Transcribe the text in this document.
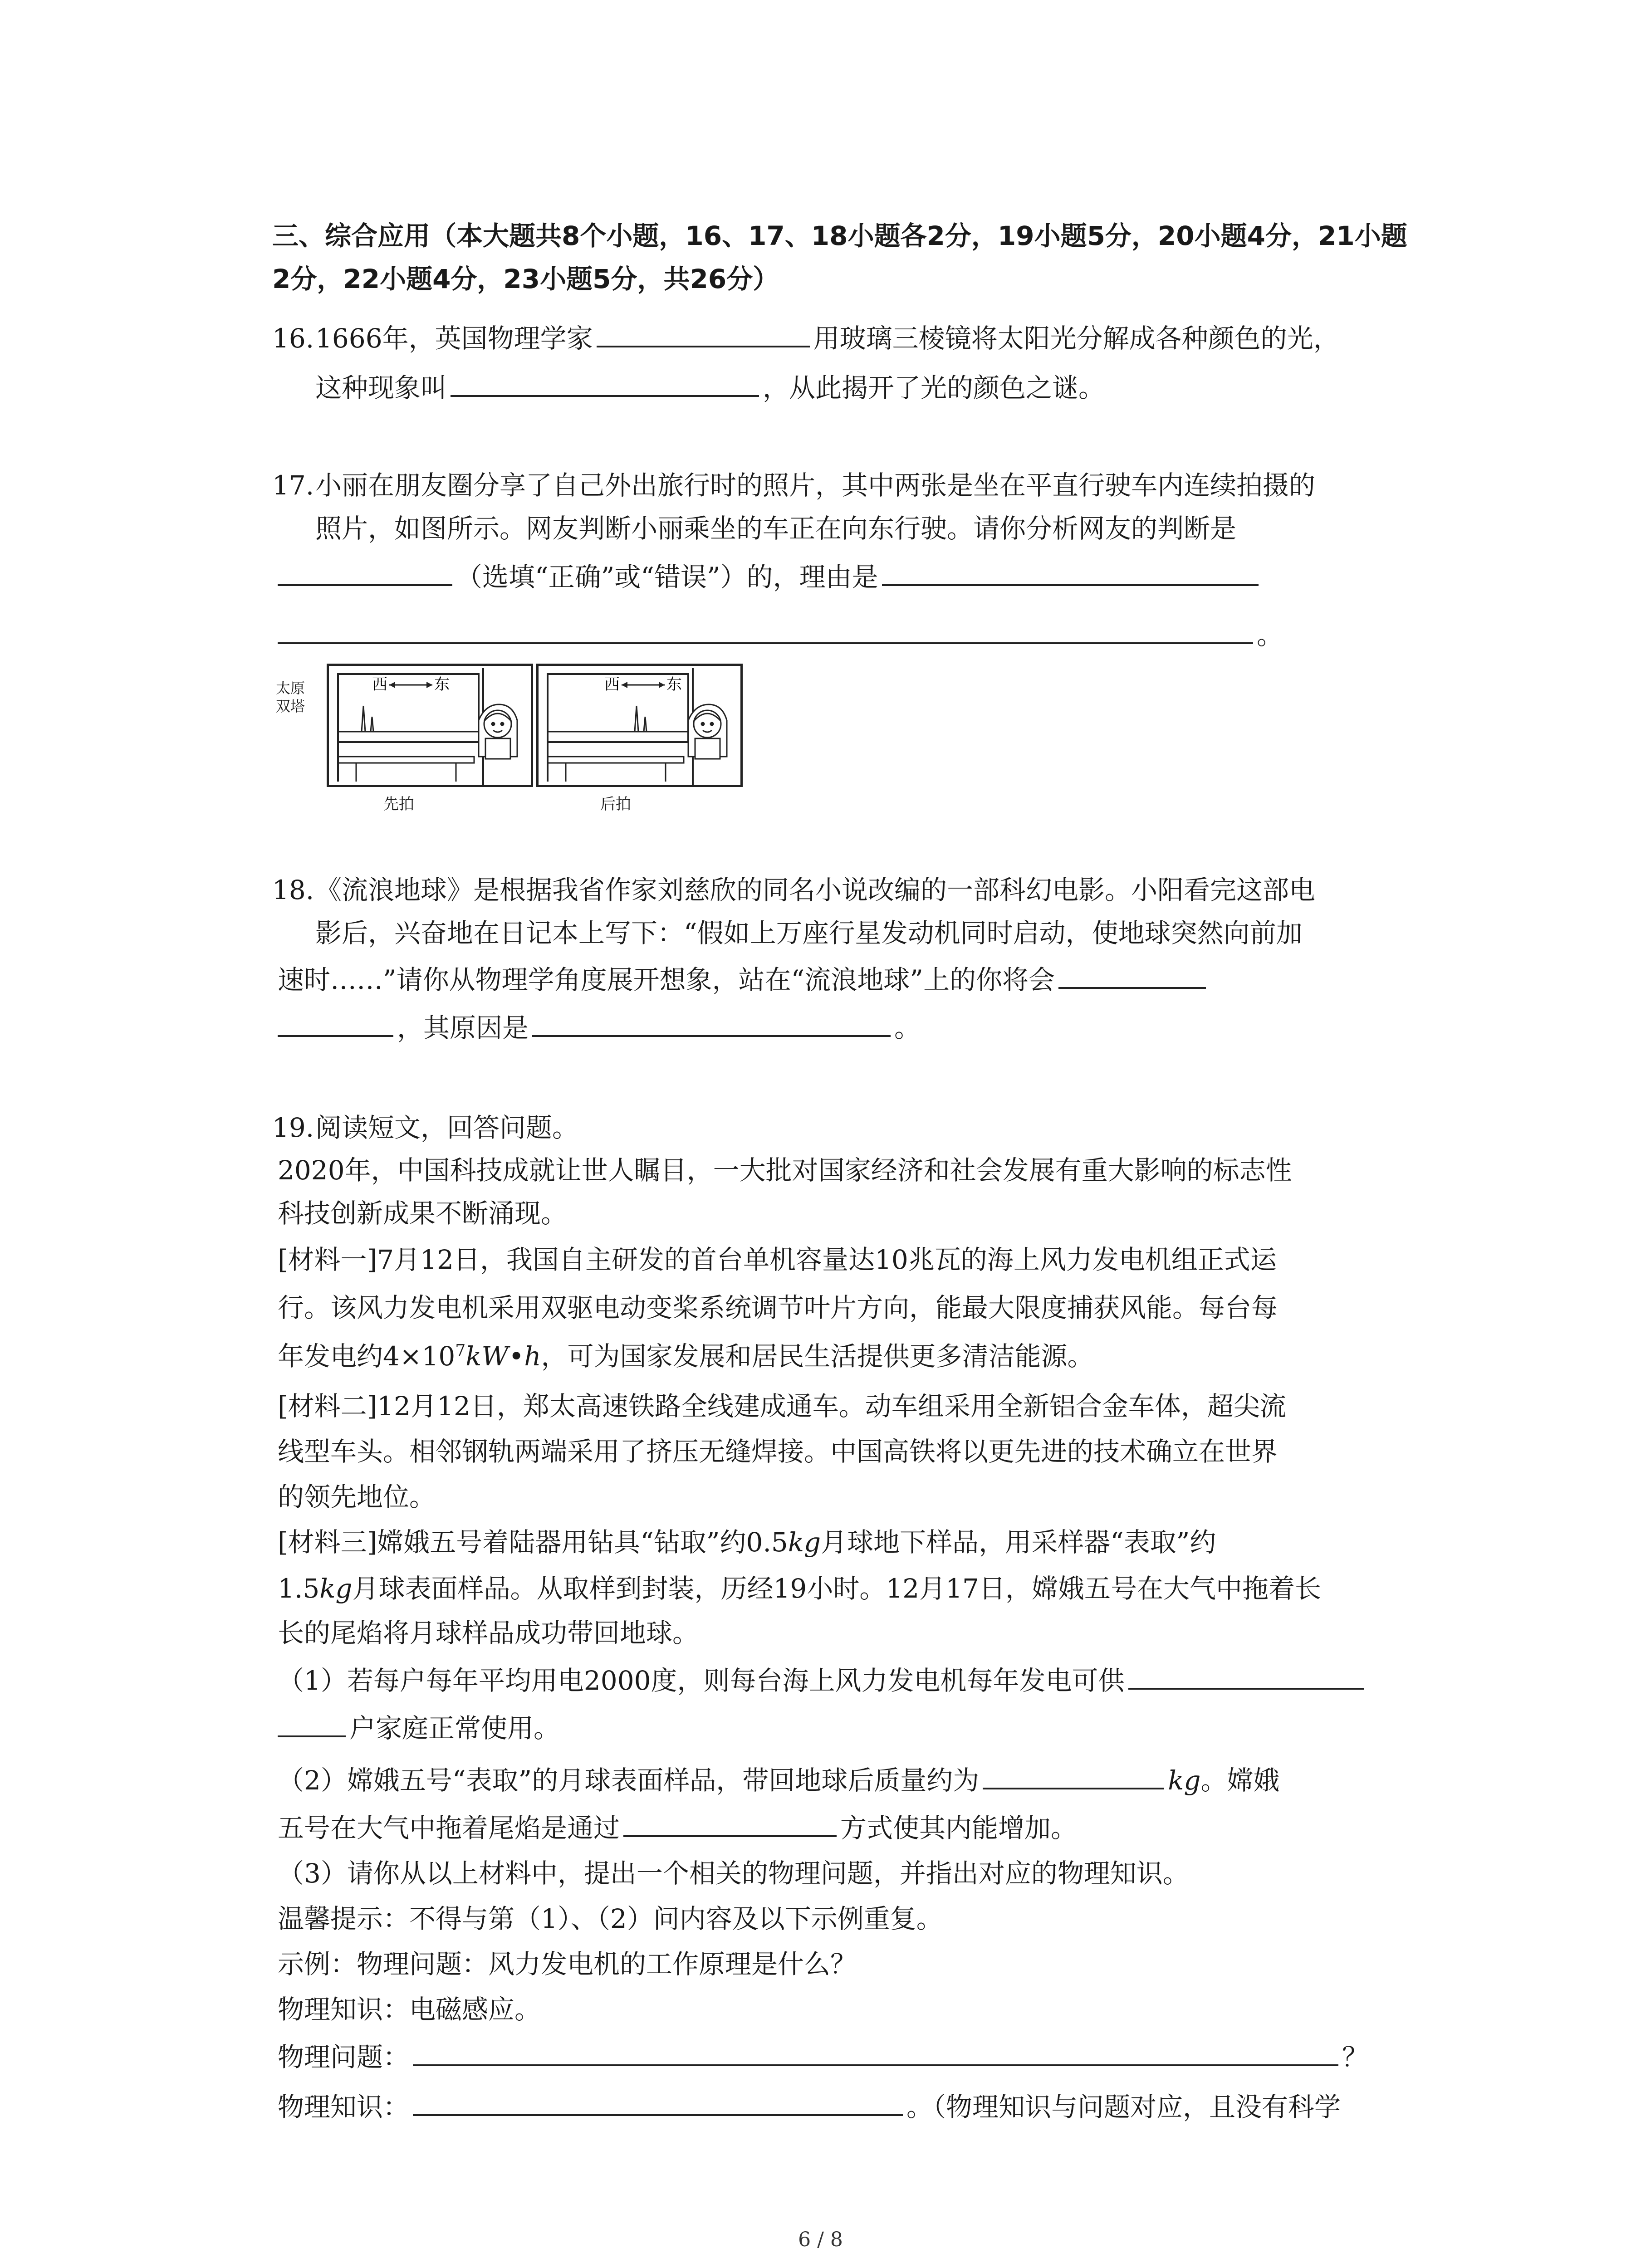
三、综合应用（本大题共8个小题，16、17、18小题各2分，19小题5分，20小题4分，21小题
2分，22小题4分，23小题5分，共26分）
16.1666年，英国物理学家	用玻璃三棱镜将太阳光分解成各种颜色的光，
这种现象叫	，从此揭开了光的颜色之谜。
17.小丽在朋友圈分享了自己外出旅行时的照片，其中两张是坐在平直行驶车内连续拍摄的
照片，如图所示。网友判断小丽乘坐的车正在向东行驶。请你分析网友的判断是
（选填“正确”或“错误”）的，理由是
。
太原
双塔
西	东	西	东
先拍	后拍
18.《流浪地球》是根据我省作家刘慈欣的同名小说改编的一部科幻电影。小阳看完这部电
影后，兴奋地在日记本上写下：“假如上万座行星发动机同时启动，使地球突然向前加
速时……”请你从物理学角度展开想象，站在“流浪地球”上的你将会
，其原因是	。
19.阅读短文，回答问题。
2020年，中国科技成就让世人瞩目，一大批对国家经济和社会发展有重大影响的标志性
科技创新成果不断涌现。
[材料一]7月12日，我国自主研发的首台单机容量达10兆瓦的海上风力发电机组正式运
行。该风力发电机采用双驱电动变桨系统调节叶片方向，能最大限度捕获风能。每台每
年发电约$4\times 10^7kW•h$，可为国家发展和居民生活提供更多清洁能源。
[材料二]12月12日，郑太高速铁路全线建成通车。动车组采用全新铝合金车体，超尖流
线型车头。相邻钢轨两端采用了挤压无缝焊接。中国高铁将以更先进的技术确立在世界
的领先地位。
[材料三]嫦娥五号着陆器用钻具“钻取”约0.5kg月球地下样品，用采样器“表取”约
1.5kg月球表面样品。从取样到封装，历经19小时。12月17日，嫦娥五号在大气中拖着长
长的尾焰将月球样品成功带回地球。
（1）若每户每年平均用电2000度，则每台海上风力发电机每年发电可供
户家庭正常使用。
（2）嫦娥五号“表取”的月球表面样品，带回地球后质量约为	kg。嫦娥
五号在大气中拖着尾焰是通过	方式使其内能增加。
（3）请你从以上材料中，提出一个相关的物理问题，并指出对应的物理知识。
温馨提示：不得与第（1）、（2）问内容及以下示例重复。
示例：物理问题：风力发电机的工作原理是什么？
物理知识：电磁感应。
物理问题：	？
物理知识：	。（物理知识与问题对应，且没有科学
6 / 8
